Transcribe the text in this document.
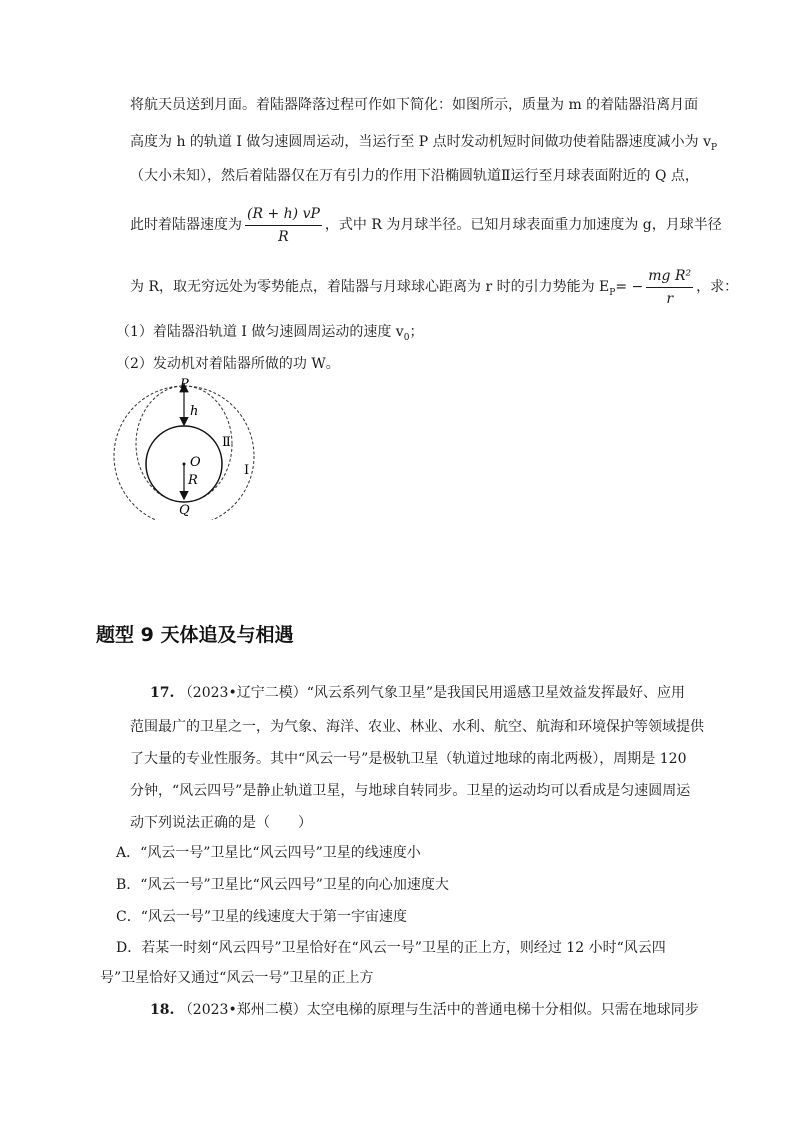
将航天员送到月面。着陆器降落过程可作如下简化：如图所示，质量为 m 的着陆器沿离月面
高度为 h 的轨道 Ⅰ 做匀速圆周运动，当运行至 P 点时发动机短时间做功使着陆器速度减小为 $v_P$
（大小未知），然后着陆器仅在万有引力的作用下沿椭圆轨道Ⅱ运行至月球表面附近的 Q 点，
此时着陆器速度为 $\frac{(R + h) vP}{R}$ ，式中 R 为月球半径。已知月球表面重力加速度为 g，月球半径
为 R，取无穷远处为零势能点，着陆器与月球球心距离为 r 时的引力势能为 $E_P= - \frac{\text{mg R²}}{r}$ ，求：
（1）着陆器沿轨道 Ⅰ 做匀速圆周运动的速度 $v_0$；
（2）发动机对着陆器所做的功 W。
P
h
Ⅱ
O
R
Ⅰ
Q
题型 9 天体追及与相遇
17. （2023•辽宁二模）“风云系列气象卫星”是我国民用遥感卫星效益发挥最好、应用
范围最广的卫星之一，为气象、海洋、农业、林业、水利、航空、航海和环境保护等领域提供
了大量的专业性服务。其中“风云一号”是极轨卫星（轨道过地球的南北两极），周期是 120
分钟，“风云四号”是静止轨道卫星，与地球自转同步。卫星的运动均可以看成是匀速圆周运
动下列说法正确的是（　　）
A．“风云一号”卫星比“风云四号”卫星的线速度小
B．“风云一号”卫星比“风云四号”卫星的向心加速度大
C．“风云一号”卫星的线速度大于第一宇宙速度
D．若某一时刻“风云四号”卫星恰好在“风云一号”卫星的正上方，则经过 12 小时“风云四
号”卫星恰好又通过“风云一号”卫星的正上方
18. （2023•郑州二模）太空电梯的原理与生活中的普通电梯十分相似。只需在地球同步
